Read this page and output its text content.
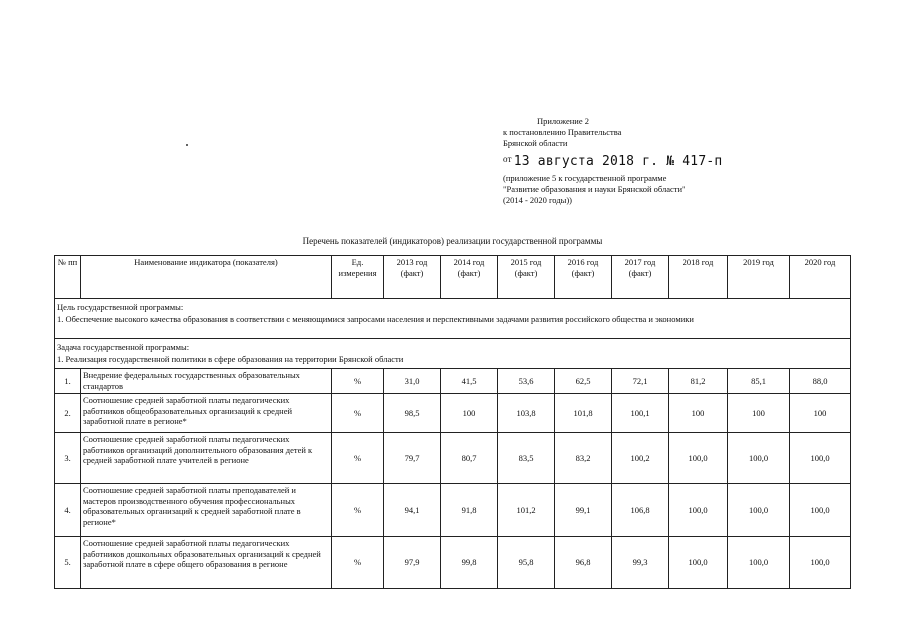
Приложение 2
к постановлению Правительства
Брянской области
$^{от}$ 13 августа 2018 г. № 417-п
(приложение 5 к государственной программе
"Развитие образования и науки Брянской области"
(2014 - 2020 годы))
Перечень показателей (индикаторов) реализации государственной программы
№ пп	Наименование индикатора (показателя)	Ед. измерения	2013 год (факт)	2014 год (факт)	2015 год (факт)	2016 год (факт)	2017 год (факт)	2018 год	2019 год	2020 год

Цель государственной программы:
1. Обеспечение высокого качества образования в соответствии с меняющимися запросами населения и перспективными задачами развития российского общества и экономики										

Задача государственной программы:
1. Реализация государственной политики в сфере образования на территории Брянской области										

1.	Внедрение федеральных государственных образовательных стандартов	%	31,0	41,5	53,6	62,5	72,1	81,2	85,1	88,0
2.	Соотношение средней заработной платы педагогических работников общеобразовательных организаций к средней заработной плате в регионе*	%	98,5	100	103,8	101,8	100,1	100	100	100
3.	Соотношение средней заработной платы педагогических работников организаций дополнительного образования детей к средней заработной плате учителей в регионе	%	79,7	80,7	83,5	83,2	100,2	100,0	100,0	100,0
4.	Соотношение средней заработной платы преподавателей и мастеров производственного обучения профессиональных образовательных организаций к средней заработной плате в регионе*	%	94,1	91,8	101,2	99,1	106,8	100,0	100,0	100,0
5.	Соотношение средней заработной платы педагогических работников дошкольных образовательных организаций к средней заработной плате в сфере общего образования в регионе	%	97,9	99,8	95,8	96,8	99,3	100,0	100,0	100,0
